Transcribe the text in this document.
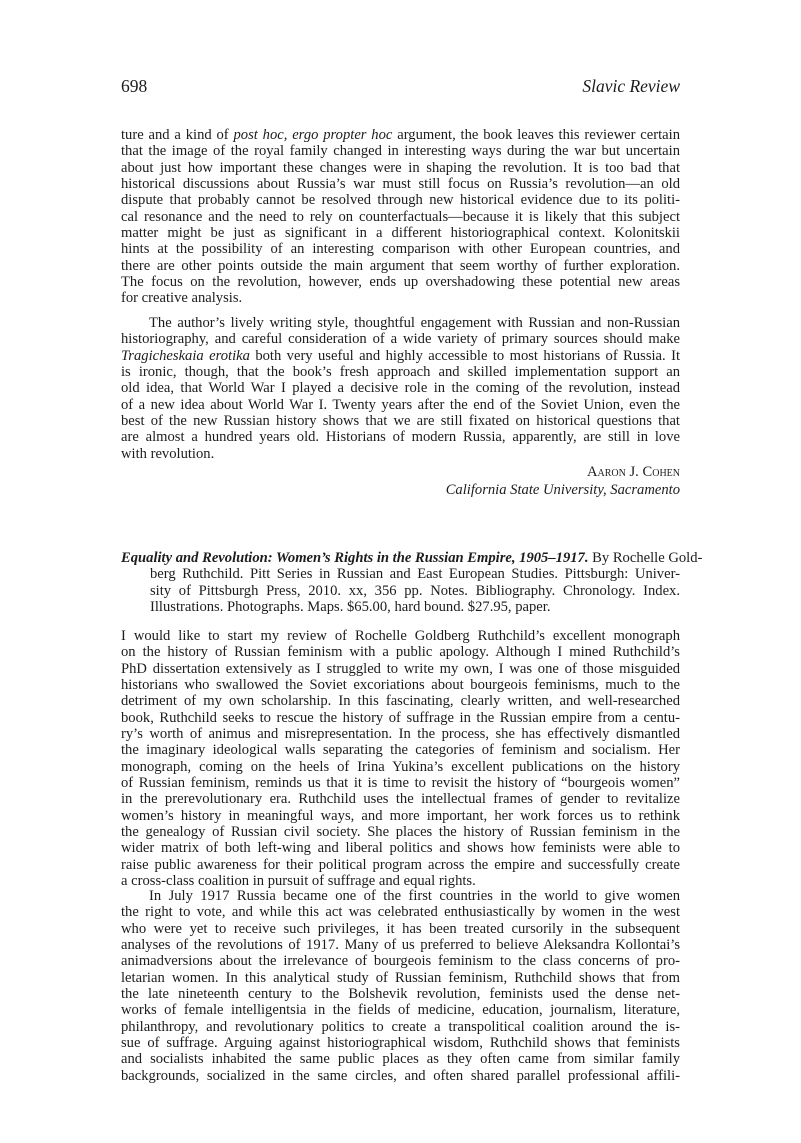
698	Slavic Review
ture and a kind of post hoc, ergo propter hoc argument, the book leaves this reviewer certain
that the image of the royal family changed in interesting ways during the war but uncertain
about just how important these changes were in shaping the revolution. It is too bad that
historical discussions about Russia’s war must still focus on Russia’s revolution—an old
dispute that probably cannot be resolved through new historical evidence due to its politi-
cal resonance and the need to rely on counterfactuals—because it is likely that this subject
matter might be just as significant in a different historiographical context. Kolonitskii
hints at the possibility of an interesting comparison with other European countries, and
there are other points outside the main argument that seem worthy of further exploration.
The focus on the revolution, however, ends up overshadowing these potential new areas
for creative analysis.
The author’s lively writing style, thoughtful engagement with Russian and non-Russian
historiography, and careful consideration of a wide variety of primary sources should make
Tragicheskaia erotika both very useful and highly accessible to most historians of Russia. It
is ironic, though, that the book’s fresh approach and skilled implementation support an
old idea, that World War I played a decisive role in the coming of the revolution, instead
of a new idea about World War I. Twenty years after the end of the Soviet Union, even the
best of the new Russian history shows that we are still fixated on historical questions that
are almost a hundred years old. Historians of modern Russia, apparently, are still in love
with revolution.
Aaron J. Cohen
California State University, Sacramento
Equality and Revolution: Women’s Rights in the Russian Empire, 1905–1917. By Rochelle Gold-
berg Ruthchild. Pitt Series in Russian and East European Studies. Pittsburgh: Univer-
sity of Pittsburgh Press, 2010. xx, 356 pp. Notes. Bibliography. Chronology. Index.
Illustrations. Photographs. Maps. $65.00, hard bound. $27.95, paper.
I would like to start my review of Rochelle Goldberg Ruthchild’s excellent monograph
on the history of Russian feminism with a public apology. Although I mined Ruthchild’s
PhD dissertation extensively as I struggled to write my own, I was one of those misguided
historians who swallowed the Soviet excoriations about bourgeois feminisms, much to the
detriment of my own scholarship. In this fascinating, clearly written, and well-researched
book, Ruthchild seeks to rescue the history of suffrage in the Russian empire from a centu-
ry’s worth of animus and misrepresentation. In the process, she has effectively dismantled
the imaginary ideological walls separating the categories of feminism and socialism. Her
monograph, coming on the heels of Irina Yukina’s excellent publications on the history
of Russian feminism, reminds us that it is time to revisit the history of “bourgeois women”
in the prerevolutionary era. Ruthchild uses the intellectual frames of gender to revitalize
women’s history in meaningful ways, and more important, her work forces us to rethink
the genealogy of Russian civil society. She places the history of Russian feminism in the
wider matrix of both left-wing and liberal politics and shows how feminists were able to
raise public awareness for their political program across the empire and successfully create
a cross-class coalition in pursuit of suffrage and equal rights.
In July 1917 Russia became one of the first countries in the world to give women
the right to vote, and while this act was celebrated enthusiastically by women in the west
who were yet to receive such privileges, it has been treated cursorily in the subsequent
analyses of the revolutions of 1917. Many of us preferred to believe Aleksandra Kollontai’s
animadversions about the irrelevance of bourgeois feminism to the class concerns of pro-
letarian women. In this analytical study of Russian feminism, Ruthchild shows that from
the late nineteenth century to the Bolshevik revolution, feminists used the dense net-
works of female intelligentsia in the fields of medicine, education, journalism, literature,
philanthropy, and revolutionary politics to create a transpolitical coalition around the is-
sue of suffrage. Arguing against historiographical wisdom, Ruthchild shows that feminists
and socialists inhabited the same public places as they often came from similar family
backgrounds, socialized in the same circles, and often shared parallel professional affili-
